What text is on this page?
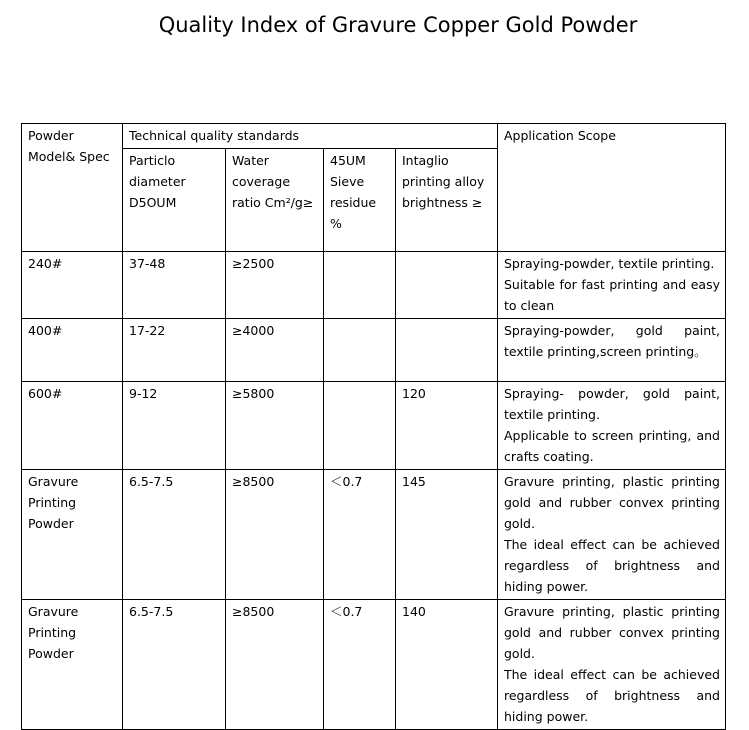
Quality Index of Gravure Copper Gold Powder
Powder Model& Spec	Technical quality standards				Application Scope
	Particlo diameter D5OUM	Water coverage ratio Cm²/g≥	45UM Sieve residue %	Intaglio printing alloy brightness ≥	
240#	37-48	≥2500			Spraying-powder, textile printing.

Suitable for fast printing and easy to clean

400#	17-22	≥4000			Spraying-powder, gold paint, textile printing,screen printing。

600#	9-12	≥5800		120	Spraying- powder, gold paint, textile printing.

Applicable to screen printing, and crafts coating.

Gravure Printing Powder	6.5-7.5	≥8500	＜0.7	145	Gravure printing, plastic printing gold and rubber convex printing gold.

The ideal effect can be achieved regardless of brightness and hiding power.

Gravure Printing Powder	6.5-7.5	≥8500	＜0.7	140	Gravure printing, plastic printing gold and rubber convex printing gold.

The ideal effect can be achieved regardless of brightness and hiding power.
